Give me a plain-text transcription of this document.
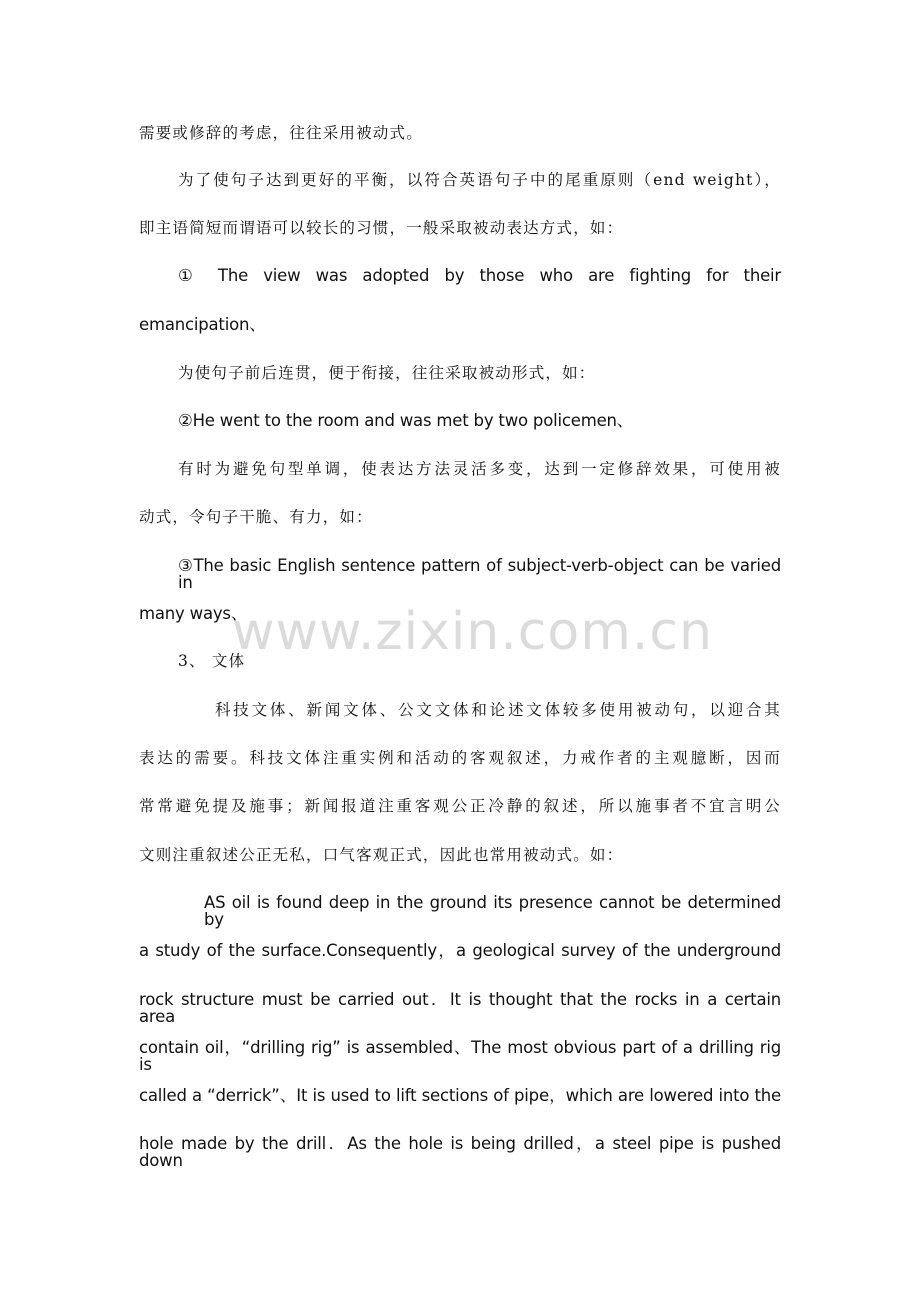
需要或修辞的考虑，往往采用被动式。
为了使句子达到更好的平衡，以符合英语句子中的尾重原则（end weight），
即主语简短而谓语可以较长的习惯，一般采取被动表达方式，如：
① The view was adopted by those who are fighting for their
emancipation、
为使句子前后连贯，便于衔接，往往采取被动形式，如：
②He went to the room and was met by two policemen、
有时为避免句型单调，使表达方法灵活多变，达到一定修辞效果，可使用被
动式，令句子干脆、有力，如：
③The basic English sentence pattern of subject-verb-object can be varied in
many ways、
3、 文体
科技文体、新闻文体、公文文体和论述文体较多使用被动句，以迎合其
表达的需要。科技文体注重实例和活动的客观叙述，力戒作者的主观臆断，因而
常常避免提及施事；新闻报道注重客观公正冷静的叙述，所以施事者不宜言明公
文则注重叙述公正无私，口气客观正式，因此也常用被动式。如：
AS oil is found deep in the ground its presence cannot be determined by
a study of the surface.Consequently，a geological survey of the underground
rock structure must be carried out．It is thought that the rocks in a certain area
contain oil，“drilling rig” is assembled、The most obvious part of a drilling rig is
called a “derrick”、It is used to lift sections of pipe，which are lowered into the
hole made by the drill．As the hole is being drilled，a steel pipe is pushed down
www.zixin.com.cn
